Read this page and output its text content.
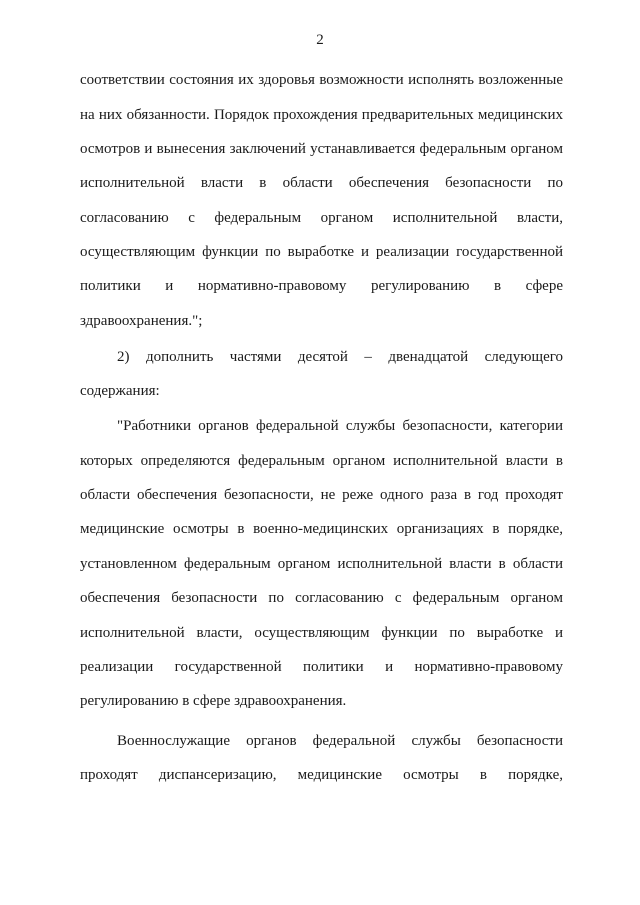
2
соответствии состояния их здоровья возможности исполнять возложенные
на них обязанности. Порядок прохождения предварительных медицинских
осмотров и вынесения заключений устанавливается федеральным органом
исполнительной власти в области обеспечения безопасности по
согласованию с федеральным органом исполнительной власти,
осуществляющим функции по выработке и реализации государственной
политики и нормативно-правовому регулированию в сфере
здравоохранения.";
2) дополнить частями десятой – двенадцатой следующего
содержания:
"Работники органов федеральной службы безопасности, категории
которых определяются федеральным органом исполнительной власти в
области обеспечения безопасности, не реже одного раза в год проходят
медицинские осмотры в военно-медицинских организациях в порядке,
установленном федеральным органом исполнительной власти в области
обеспечения безопасности по согласованию с федеральным органом
исполнительной власти, осуществляющим функции по выработке и
реализации государственной политики и нормативно-правовому
регулированию в сфере здравоохранения.
Военнослужащие органов федеральной службы безопасности
проходят диспансеризацию, медицинские осмотры в порядке,
